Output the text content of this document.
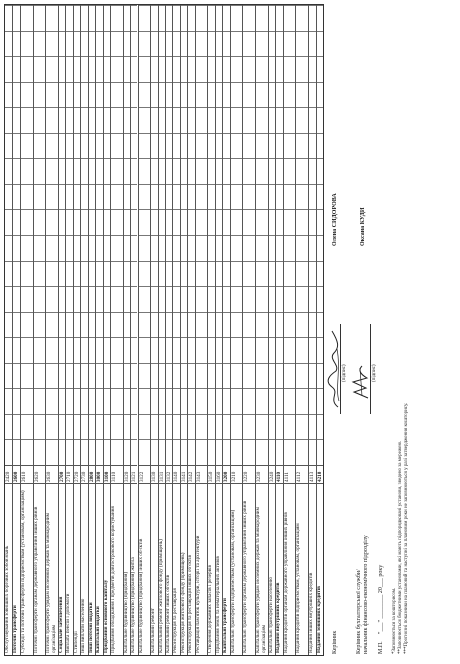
Обслуговування зовнішніх боргових зобов'язань
2420
Поточні трансферти
2600
Субсидії та поточні трансферти підприємствам (установам, організаціям)
2610
Поточні трансферти органам державного управління інших рівнів
2620
Поточні трансферти урядам іноземних держав та міжнародним організаціям
2630
Соціальне забезпечення
2700
Виплата пенсій і допомоги
2710
Стипендії
2720
Інші виплати населенню
2730
Інші поточні видатки
2800
Капітальні видатки
3000
Придбання основного капіталу
3100
Придбання обладнання і предметів довгострокового користування
3110
Капітальне будівництво (придбання)
3120
Капітальне будівництво (придбання) житла
3121
Капітальне будівництво (придбання) інших об'єктів
3122
Капітальний ремонт
3130
Капітальний ремонт житлового фонду (приміщень)
3131
Капітальний ремонт інших об'єктів
3132
Реконструкція та реставрація
3140
Реконструкція житлового фонду (приміщень)
3141
Реконструкція та реставрація інших об'єктів
3142
Реставрація пам'яток культури, історії та архітектури
3143
Створення державних запасів і резервів
3150
Придбання землі та нематеріальних активів
3160
Капітальні трансферти
3200
Капітальні трансферти підприємствам (установам, організаціям)
3210
Капітальні трансферти органам державного управління інших рівнів
3220
Капітальні трансферти урядам іноземних держав та міжнародним організаціям
3230
Капітальні трансферти населенню
3240
Надання внутрішніх кредитів
4110
Надання кредитів органам державного управління інших рівнів
4111
Надання кредитів підприємствам, установам, організаціям
4112
Надання інших внутрішніх кредитів
4113
Надання зовнішніх кредитів
4210
Керівник
(підпис)
Олена СИДОРОВА
Керівник бухгалтерської служби/ начальник фінансово-економічного підрозділу
(підпис)
Оксана КУДИ
М.П.
"___" ________ 20___ року *Заповнюється за кошторисом. **Заповнюється бюджетними установами, які мають підпорядковані установи, зведено за мережею. ***Прогнозні показники на плановий та наступні за плановим роки не заповнюються у разі затвердження кошторису.
